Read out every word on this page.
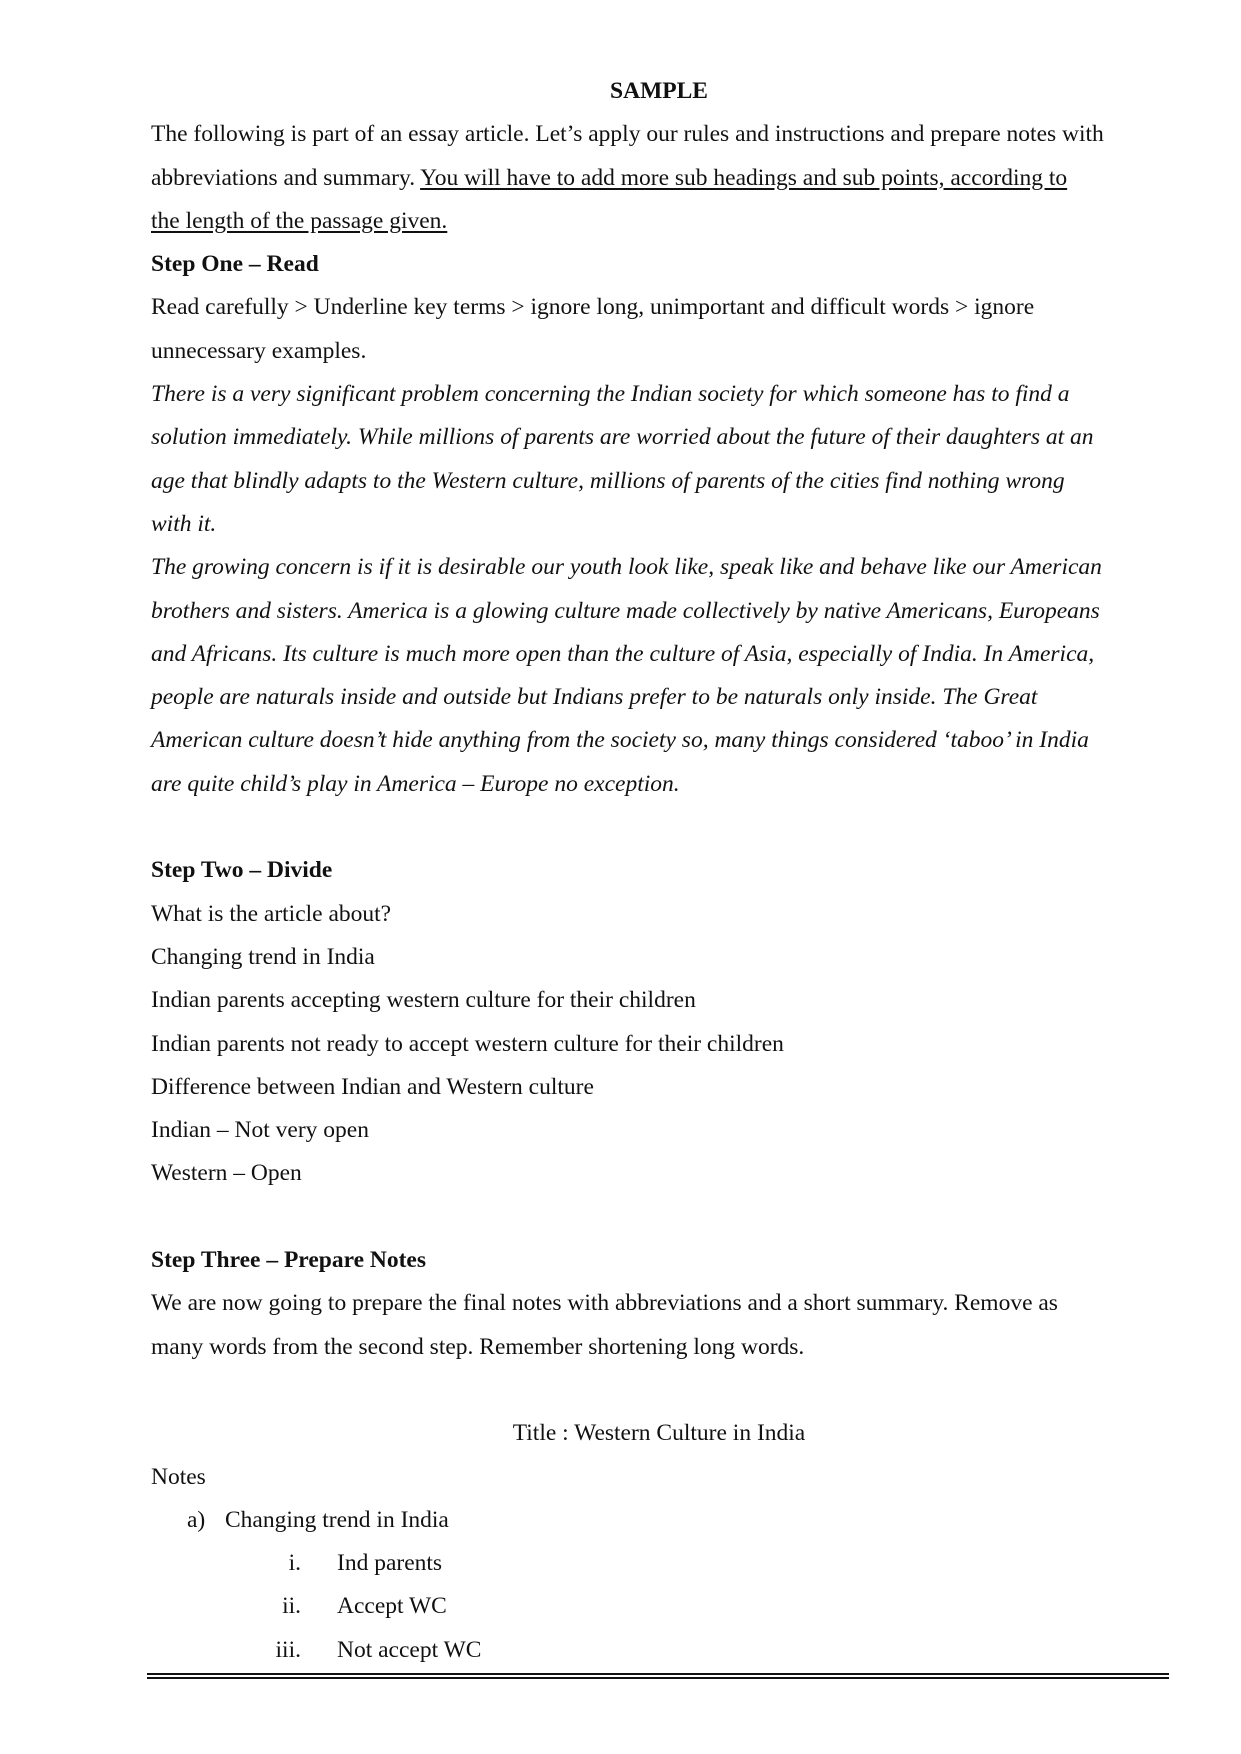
SAMPLE

The following is part of an essay article. Let’s apply our rules and instructions and prepare notes with

abbreviations and summary. You will have to add more sub headings and sub points, according to

the length of the passage given.

Step One – Read

Read carefully > Underline key terms > ignore long, unimportant and difficult words > ignore

unnecessary examples.

There is a very significant problem concerning the Indian society for which someone has to find a

solution immediately. While millions of parents are worried about the future of their daughters at an

age that blindly adapts to the Western culture, millions of parents of the cities find nothing wrong

with it.

The growing concern is if it is desirable our youth look like, speak like and behave like our American

brothers and sisters. America is a glowing culture made collectively by native Americans, Europeans

and Africans. Its culture is much more open than the culture of Asia, especially of India. In America,

people are naturals inside and outside but Indians prefer to be naturals only inside. The Great

American culture doesn’t hide anything from the society so, many things considered ‘taboo’ in India

are quite child’s play in America – Europe no exception.

Step Two – Divide

What is the article about?

Changing trend in India

Indian parents accepting western culture for their children

Indian parents not ready to accept western culture for their children

Difference between Indian and Western culture

Indian – Not very open

Western – Open

Step Three – Prepare Notes

We are now going to prepare the final notes with abbreviations and a short summary. Remove as

many words from the second step. Remember shortening long words.

Title : Western Culture in India

Notes

a) Changing trend in India
i. Ind parents
ii. Accept WC
iii. Not accept WC
